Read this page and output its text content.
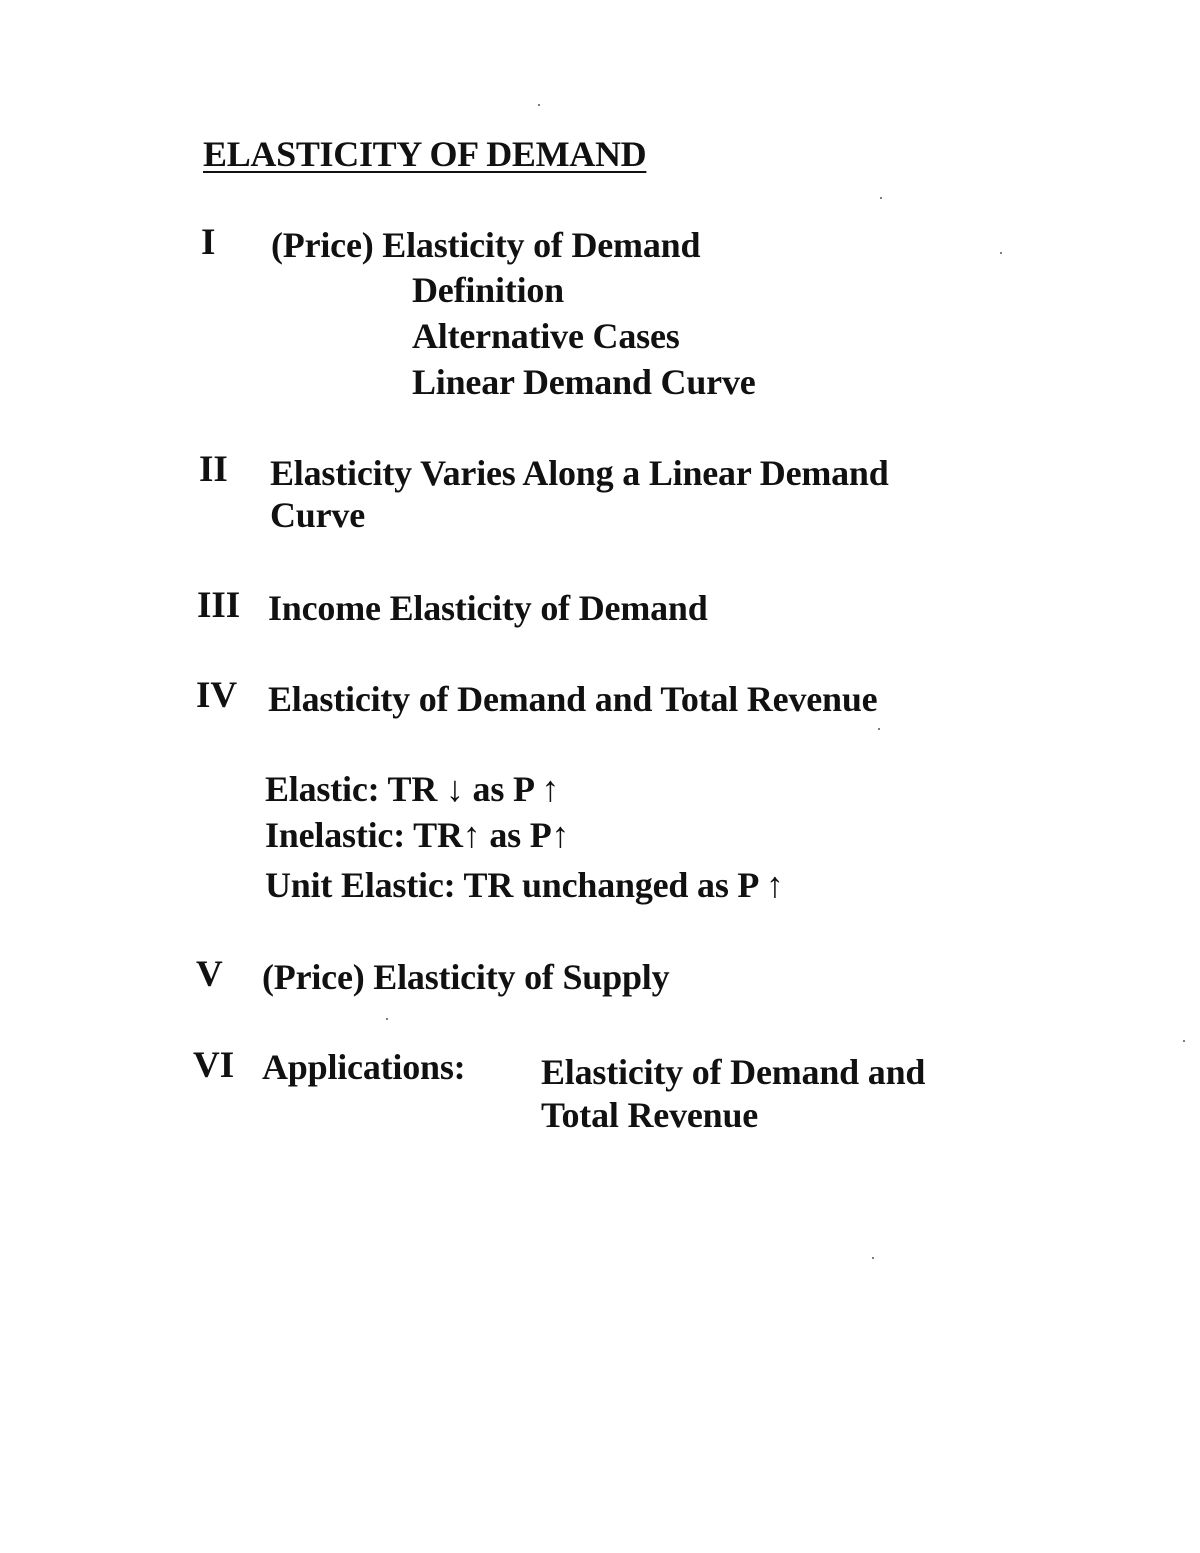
ELASTICITY OF DEMAND
I (Price) Elasticity of Demand
Definition
Alternative Cases
Linear Demand Curve
II Elasticity Varies Along a Linear Demand
Curve
III Income Elasticity of Demand
IV Elasticity of Demand and Total Revenue
Elastic: TR ↓ as P ↑
Inelastic: TR↑ as P↑
Unit Elastic: TR unchanged as P ↑
V (Price) Elasticity of Supply
VI Applications: Elasticity of Demand and
Total Revenue
